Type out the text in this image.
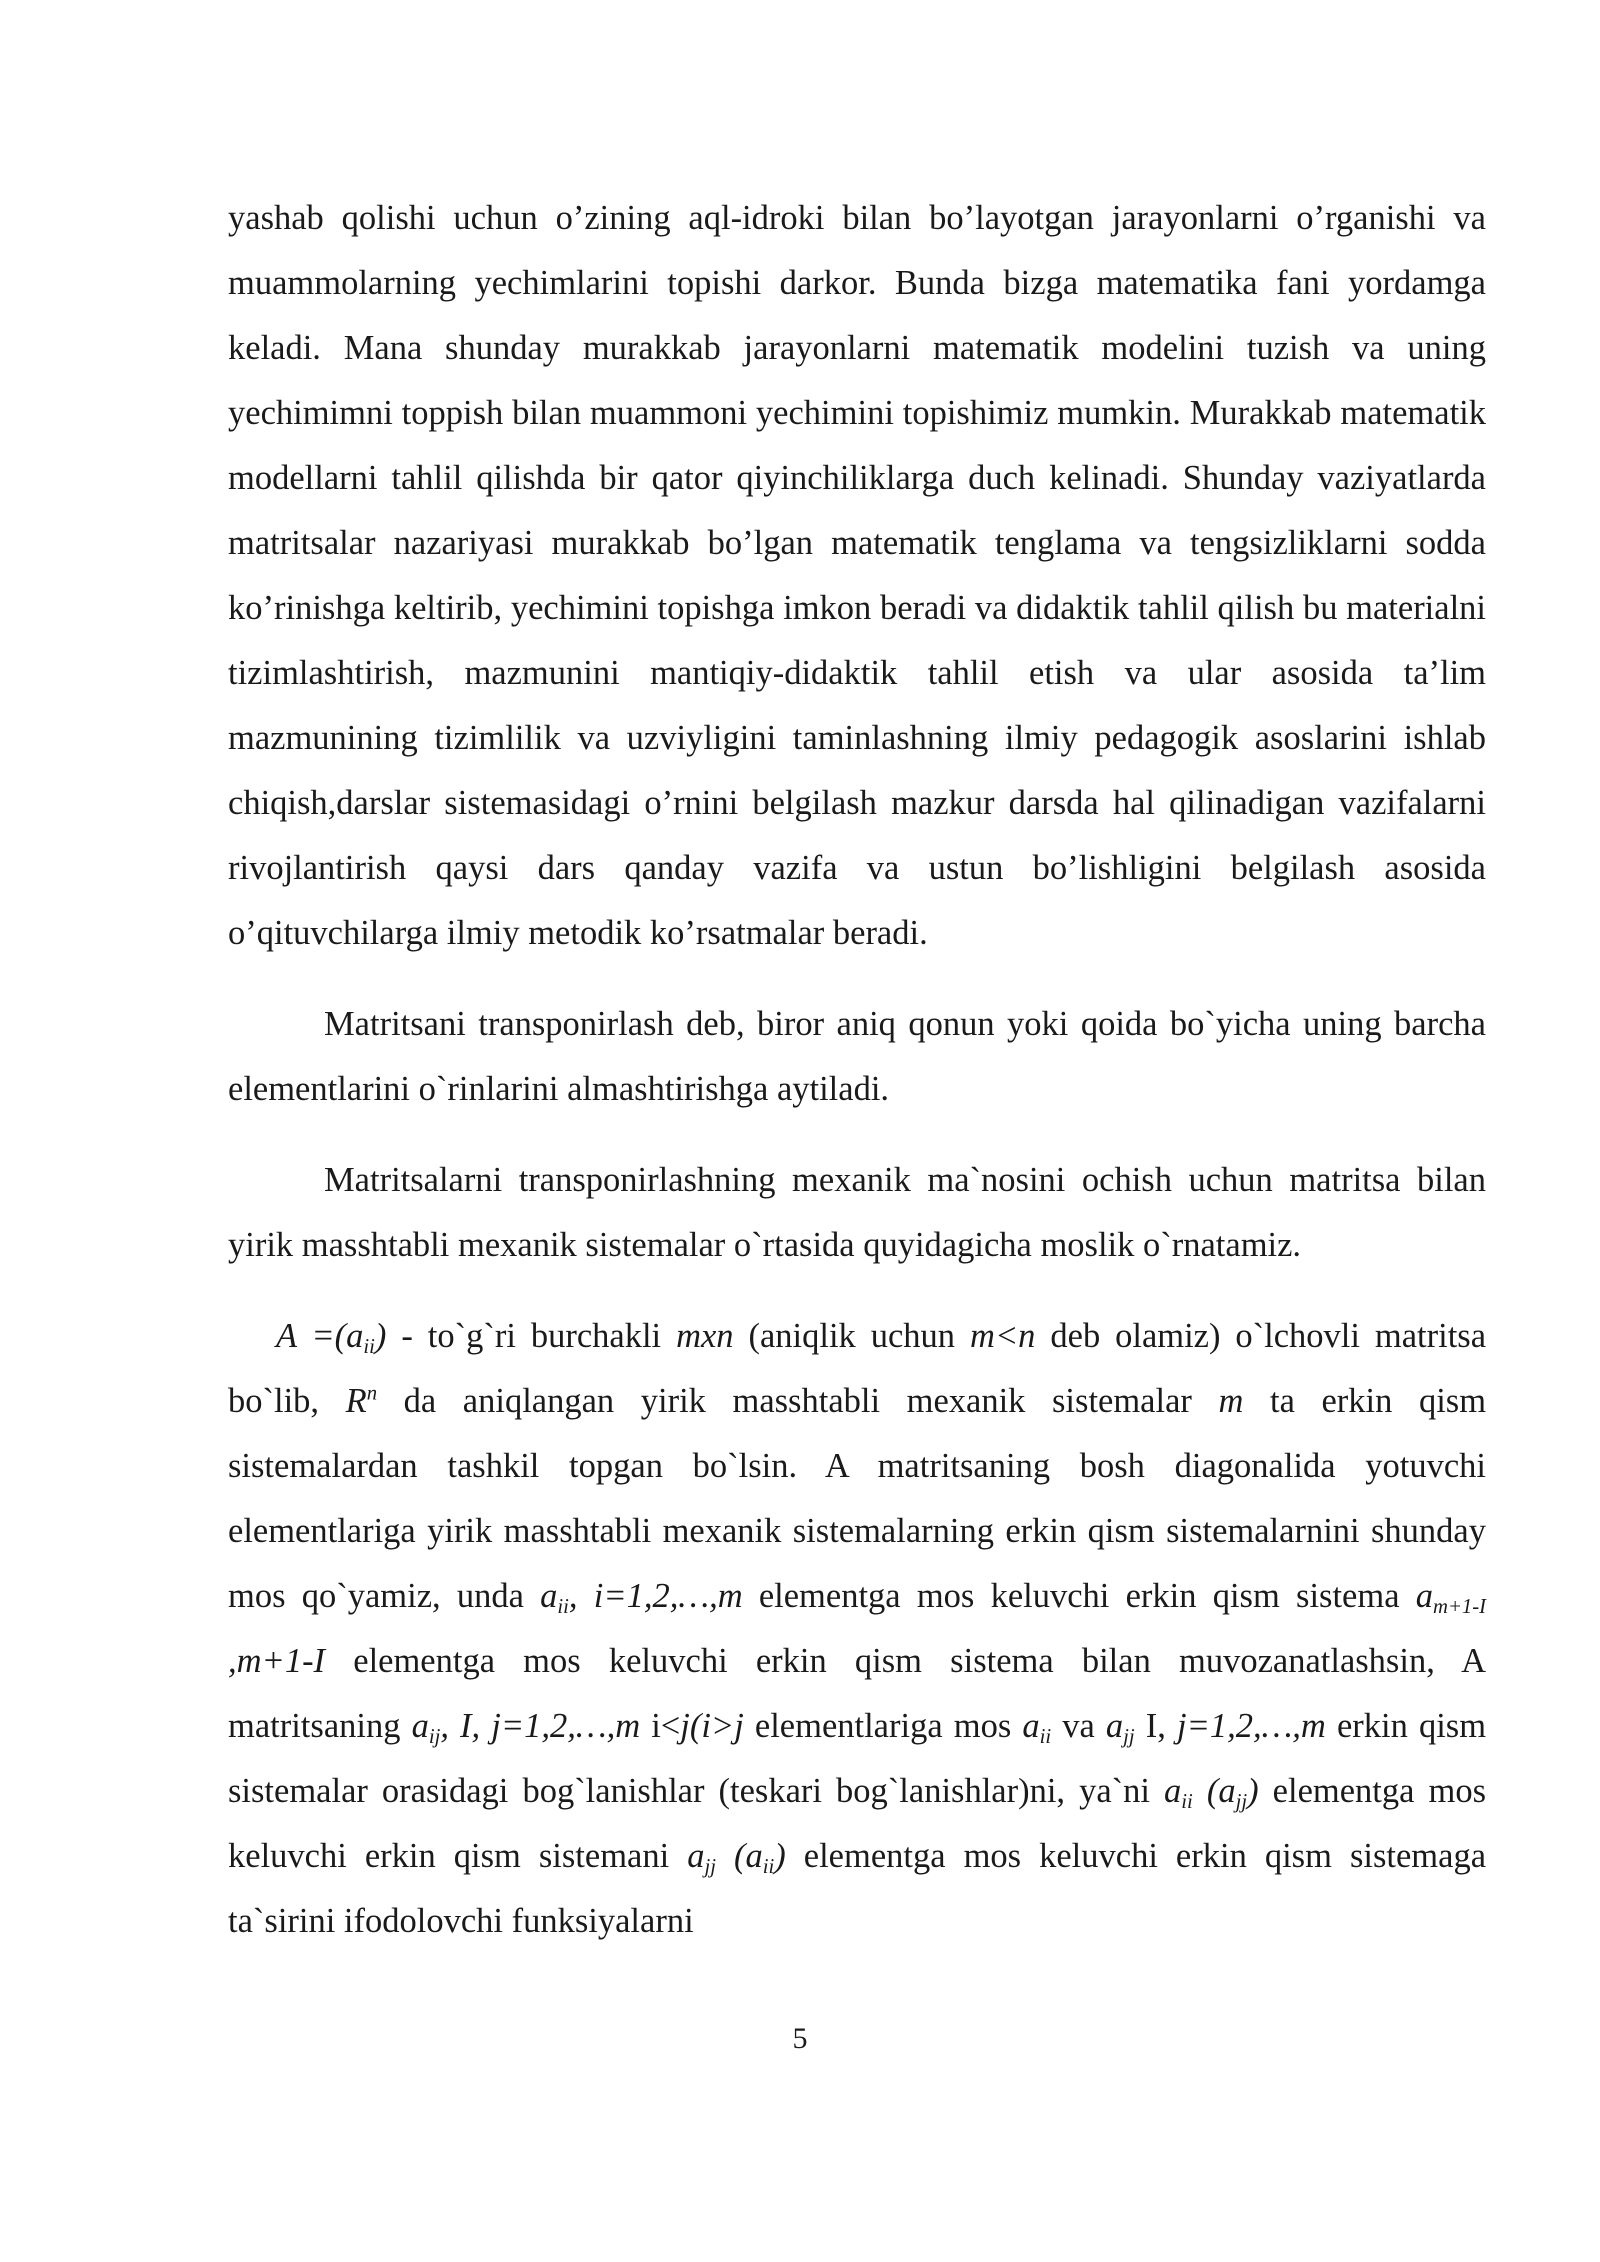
yashab qolishi uchun o’zining aql-idroki bilan bo’layotgan jarayonlarni o’rganishi va muammolarning yechimlarini topishi darkor. Bunda bizga matematika fani yordamga keladi. Mana shunday murakkab jarayonlarni matematik modelini tuzish va uning yechimimni toppish bilan muammoni yechimini topishimiz mumkin. Murakkab matematik modellarni tahlil qilishda bir qator qiyinchiliklarga duch kelinadi. Shunday vaziyatlarda matritsalar nazariyasi murakkab bo’lgan matematik tenglama va tengsizliklarni sodda ko’rinishga keltirib, yechimini topishga imkon beradi va didaktik tahlil qilish bu materialni tizimlashtirish, mazmunini mantiqiy-didaktik tahlil etish va ular asosida ta’lim mazmunining tizimlilik va uzviyligini taminlashning ilmiy pedagogik asoslarini ishlab chiqish,darslar sistemasidagi o’rnini belgilash mazkur darsda hal qilinadigan vazifalarni rivojlantirish qaysi dars qanday vazifa va ustun bo’lishligini belgilash asosida o’qituvchilarga ilmiy metodik ko’rsatmalar beradi.

Matritsani transponirlash deb, biror aniq qonun yoki qoida bo`yicha uning barcha elementlarini o`rinlarini almashtirishga aytiladi.

Matritsalarni transponirlashning mexanik ma`nosini ochish uchun matritsa bilan yirik masshtabli mexanik sistemalar o`rtasida quyidagicha moslik o`rnatamiz.

$A =(a_{ii})$ - to`g`ri burchakli mxn (aniqlik uchun m<n deb olamiz) o`lchovli matritsa bo`lib, $R^n$ da aniqlangan yirik masshtabli mexanik sistemalar m ta erkin qism sistemalardan tashkil topgan bo`lsin. A matritsaning bosh diagonalida yotuvchi elementlariga yirik masshtabli mexanik sistemalarning erkin qism sistemalarnini shunday mos qo`yamiz, unda $a_{ii}$, i=1,2,…,m elementga mos keluvchi erkin qism sistema $a_{m+1-I}$ ,m+1-I elementga mos keluvchi erkin qism sistema bilan muvozanatlashsin, A matritsaning $a_{ij}$, I, j=1,2,…,m i<j(i>j elementlariga mos $a_{ii}$ va $a_{jj}$ I, j=1,2,…,m erkin qism sistemalar orasidagi bog`lanishlar (teskari bog`lanishlar)ni, ya`ni $a_{ii}$ $(a_{jj})$ elementga mos keluvchi erkin qism sistemani $a_{jj}$ $(a_{ii})$ elementga mos keluvchi erkin qism sistemaga ta`sirini ifodolovchi funksiyalarni

5
